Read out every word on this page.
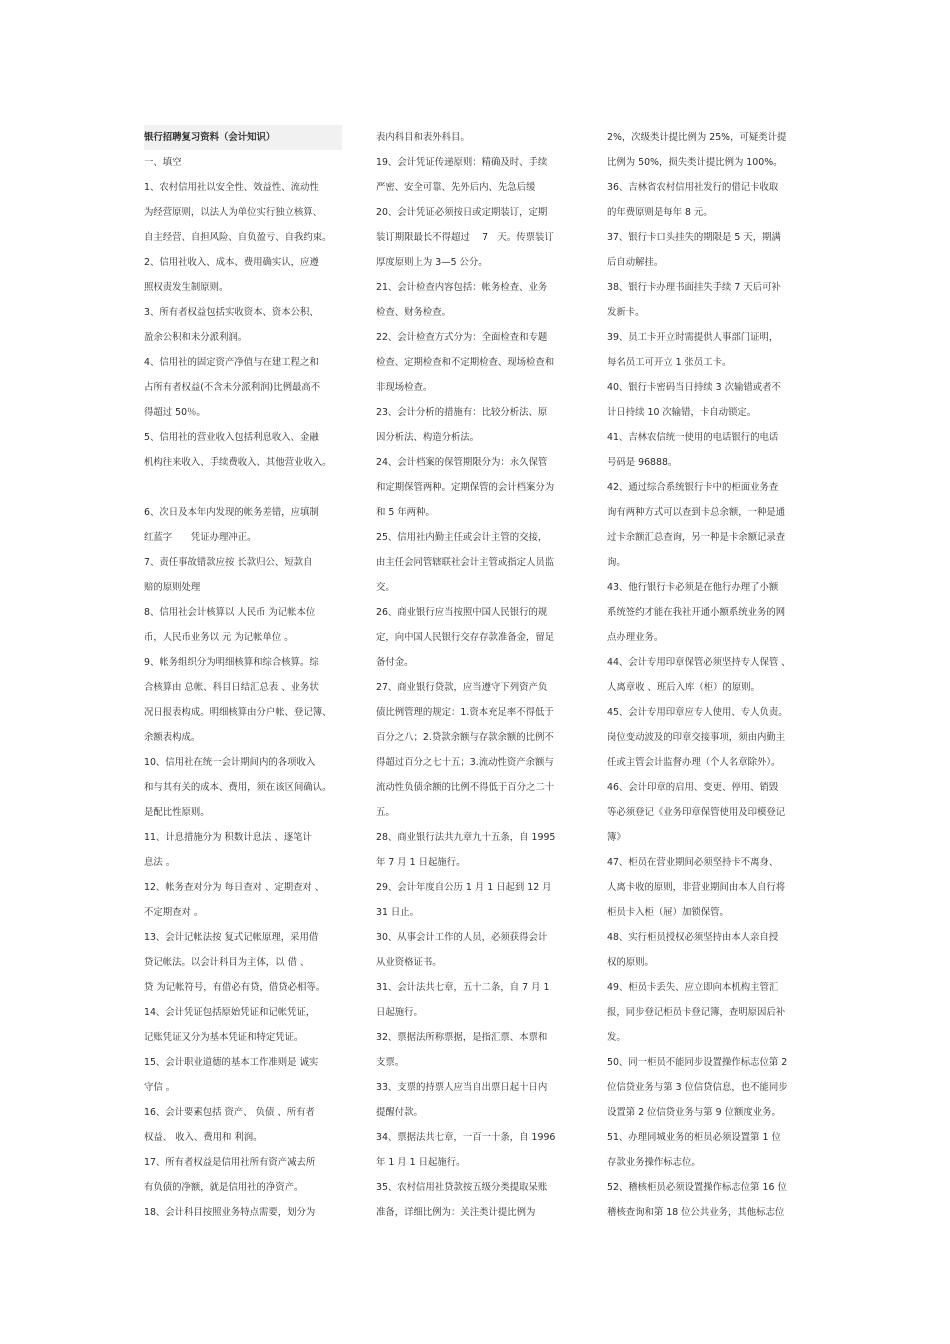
银行招聘复习资料（会计知识）
一、填空
1、农村信用社以安全性、效益性、流动性
为经营原则，以法人为单位实行独立核算、
自主经营、自担风险、自负盈亏、自我约束。
2、信用社收入、成本、费用确实认，应遵
照权责发生制原则。
3、所有者权益包括实收资本、资本公积、
盈余公积和未分派利润。
4、信用社的固定资产净值与在建工程之和
占所有者权益(不含未分派利润)比例最高不
得超过 50％。
5、信用社的营业收入包括利息收入、金融
机构往来收入、手续费收入、其他营业收入。
6、次日及本年内发现的帐务差错，应填制
红蓝字　　凭证办理冲正。
7、责任事故错款应按 长款归公、短款自
赔的原则处理
8、信用社会计核算以 人民币 为记帐本位
币，人民币业务以 元 为记帐单位 。
9、帐务组织分为明细核算和综合核算。综
合核算由 总帐、科目日结汇总表 、业务状
况日报表构成。明细核算由分户帐、登记簿、
余额表构成。
10、信用社在统一会计期间内的各项收入
和与其有关的成本、费用，须在该区间确认。
是配比性原则。
11、计息措施分为 积数计息法 、逐笔计
息法 。
12、帐务查对分为 每日查对 、定期查对 、
不定期查对 。
13、会计记帐法按 复式记帐原理，采用借
贷记帐法。以会计科目为主体，以 借 、
贷 为记帐符号，有借必有贷，借贷必相等。
14、会计凭证包括原始凭证和记帐凭证，
记账凭证又分为基本凭证和特定凭证。
15、会计职业道德的基本工作准则是 诚实
守信 。
16、会计要素包括 资产、 负债 、所有者
权益、 收入、费用和 利润。
17、所有者权益是信用社所有资产减去所
有负债的净额，就是信用社的净资产。
18、会计科目按照业务特点需要，划分为
表内科目和表外科目。
19、会计凭证传递原则：精确及时、手续
严密、安全可靠、先外后内、先急后缓
20、会计凭证必须按日或定期装订，定期
装订期限最长不得超过　 7　天。传票装订
厚度原则上为 3—5 公分。
21、会计检查内容包括：帐务检查、业务
检查、财务检查。
22、会计检查方式分为：全面检查和专题
检查、定期检查和不定期检查、现场检查和
非现场检查。
23、会计分析的措施有：比较分析法、原
因分析法、构造分析法。
24、会计档案的保管期限分为：永久保管
和定期保管两种。定期保管的会计档案分为
和 5 年两种。
25、信用社内勤主任或会计主管的交接，
由主任会同管辖联社会计主管或指定人员监
交。
26、商业银行应当按照中国人民银行的规
定，向中国人民银行交存存款准备金，留足
备付金。
27、商业银行贷款，应当遵守下列资产负
债比例管理的规定：1.资本充足率不得低于
百分之八；2.贷款余额与存款余额的比例不
得超过百分之七十五；3.流动性资产余额与
流动性负债余额的比例不得低于百分之二十
五。
28、商业银行法共九章九十五条，自 1995
年 7 月 1 日起施行。
29、会计年度自公历 1 月 1 日起到 12 月
31 日止。
30、从事会计工作的人员，必须获得会计
从业资格证书。
31、会计法共七章，五十二条，自 7 月 1
日起施行。
32、票据法所称票据，是指汇票、本票和
支票。
33、支票的持票人应当自出票日起十日内
提醒付款。
34、票据法共七章，一百一十条，自 1996
年 1 月 1 日起施行。
35、农村信用社贷款按五级分类提取呆账
准备，详细比例为：关注类计提比例为
2%，次级类计提比例为 25%，可疑类计提
比例为 50%，损失类计提比例为 100%。
36、吉林省农村信用社发行的借记卡收取
的年费原则是每年 8 元。
37、银行卡口头挂失的期限是 5 天，期满
后自动解挂。
38、银行卡办理书面挂失手续 7 天后可补
发新卡。
39、员工卡开立时需提供人事部门证明，
每名员工可开立 1 张员工卡。
40、银行卡密码当日持续 3 次输错或者不
计日持续 10 次输错，卡自动锁定。
41、吉林农信统一使用的电话银行的电话
号码是 96888。
42、通过综合系统银行卡中的柜面业务查
询有两种方式可以查到卡总余额，一种是通
过卡余额汇总查询，另一种是卡余额记录查
询。
43、他行银行卡必须是在他行办理了小额
系统签约才能在我社开通小额系统业务的网
点办理业务。
44、会计专用印章保管必须坚持专人保管 、
人离章收 、班后入库（柜）的原则。
45、会计专用印章应专人使用、专人负责。
岗位变动波及的印章交接事项，须由内勤主
任或主管会计监督办理（个人名章除外）。
46、会计印章的启用、变更、停用、销毁
等必须登记《业务印章保管使用及印模登记
簿》
47、柜员在营业期间必须坚持卡不离身、
人离卡收的原则，非营业期间由本人自行将
柜员卡入柜（屉）加锁保管。
48、实行柜员授权必须坚持由本人亲自授
权的原则。
49、柜员卡丢失、应立即向本机构主管汇
报，同步登记柜员卡登记簿，查明原因后补
发。
50、同一柜员不能同步设置操作标志位第 2
位信贷业务与第 3 位信贷信息，也不能同步
设置第 2 位信贷业务与第 9 位额度业务。
51、办理同城业务的柜员必须设置第 1 位
存款业务操作标志位。
52、稽核柜员必须设置操作标志位第 16 位
稽核查询和第 18 位公共业务，其他标志位
